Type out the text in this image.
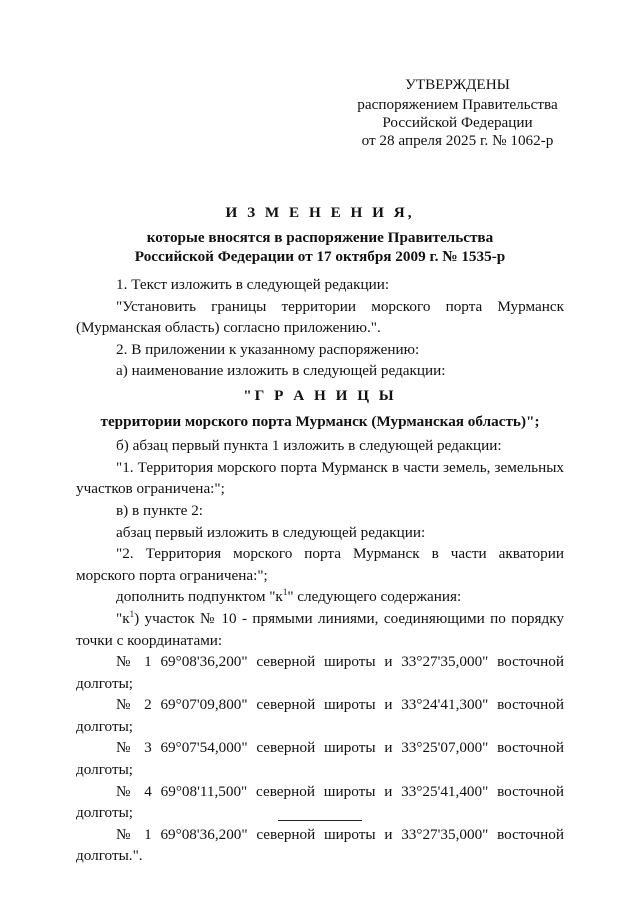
УТВЕРЖДЕНЫ
распоряжением Правительства
Российской Федерации
от 28 апреля 2025 г. № 1062-р
И З М Е Н Е Н И Я,
которые вносятся в распоряжение Правительства
Российской Федерации от 17 октября 2009 г. № 1535-р

1. Текст изложить в следующей редакции:

"Установить границы территории морского порта Мурманск (Мурманская область) согласно приложению.".

2. В приложении к указанному распоряжению:

а) наименование изложить в следующей редакции:

"Г Р А Н И Ц Ы

территории морского порта Мурманск (Мурманская область)";

б) абзац первый пункта 1 изложить в следующей редакции:

"1. Территория морского порта Мурманск в части земель, земельных участков ограничена:";

в) в пункте 2:

абзац первый изложить в следующей редакции:

"2. Территория морского порта Мурманск в части акватории морского порта ограничена:";

дополнить подпунктом "$к^1$" следующего содержания:

"$к^1$) участок № 10 - прямыми линиями, соединяющими по порядку точки с координатами:

№ 1 69°08'36,200" северной широты и 33°27'35,000" восточной

долготы;

№ 2 69°07'09,800" северной широты и 33°24'41,300" восточной

долготы;

№ 3 69°07'54,000" северной широты и 33°25'07,000" восточной

долготы;

№ 4 69°08'11,500" северной широты и 33°25'41,400" восточной

долготы;

№ 1 69°08'36,200" северной широты и 33°27'35,000" восточной

долготы.".
